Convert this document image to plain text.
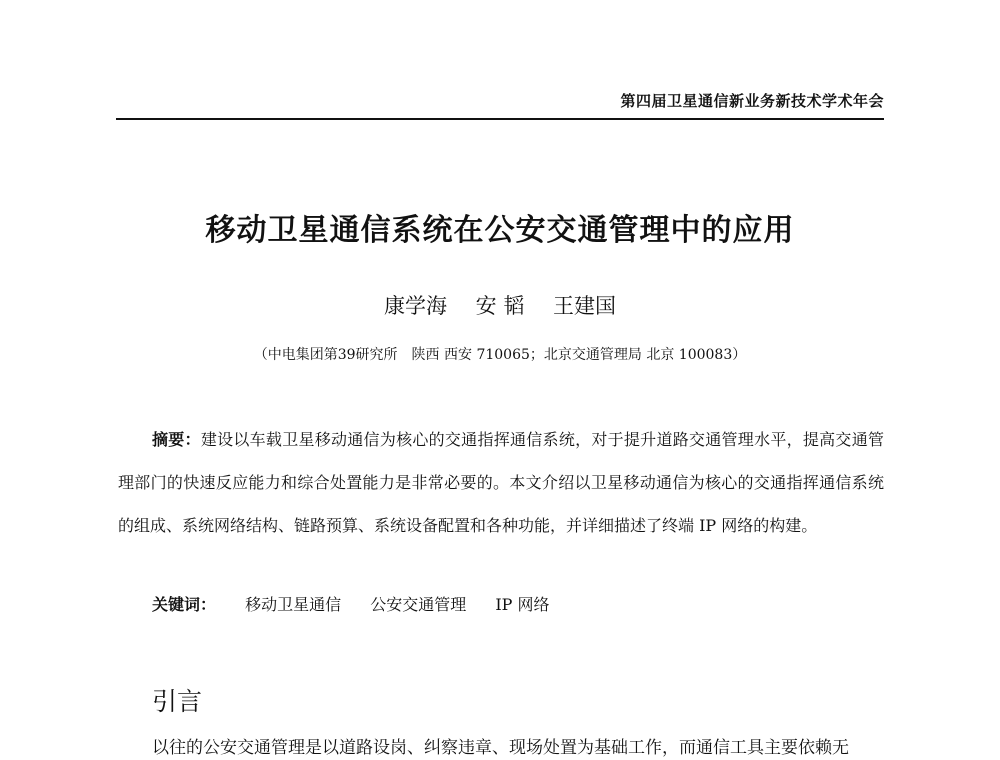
第四届卫星通信新业务新技术学术年会
移动卫星通信系统在公安交通管理中的应用
康学海 安 韬 王建国
（中电集团第39研究所　陕西 西安 710065；北京交通管理局 北京 100083）

摘要：建设以车载卫星移动通信为核心的交通指挥通信系统，对于提升道路交通管理水平，提高交通管理部门的快速反应能力和综合处置能力是非常必要的。本文介绍以卫星移动通信为核心的交通指挥通信系统的组成、系统网络结构、链路预算、系统设备配置和各种功能，并详细描述了终端 IP 网络的构建。

关键词： 移动卫星通信 公安交通管理 IP 网络
引言

以往的公安交通管理是以道路设岗、纠察违章、现场处置为基础工作，而通信工具主要依赖无
